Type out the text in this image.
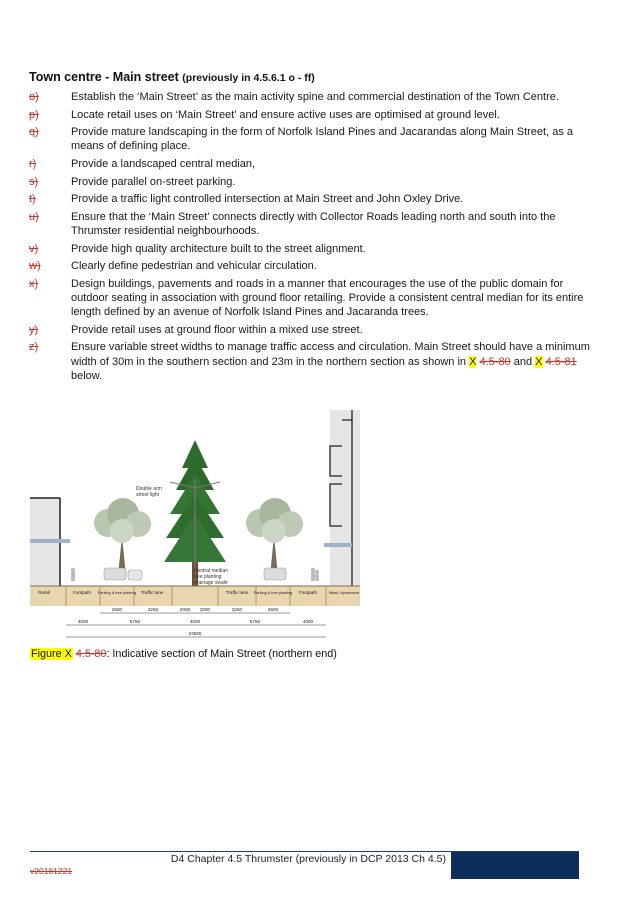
Town centre - Main street (previously in 4.5.6.1 o - ff)
o)	Establish the ‘Main Street’ as the main activity spine and commercial destination of the Town Centre.
p)	Locate retail uses on ‘Main Street’ and ensure active uses are optimised at ground level.
q)	Provide mature landscaping in the form of Norfolk Island Pines and Jacarandas along Main Street, as a means of defining place.
r)	Provide a landscaped central median,
s)	Provide parallel on-street parking.
t)	Provide a traffic light controlled intersection at Main Street and John Oxley Drive.
u)	Ensure that the ‘Main Street’ connects directly with Collector Roads leading north and south into the Thrumster residential neighbourhoods.
v)	Provide high quality architecture built to the street alignment.
w)	Clearly define pedestrian and vehicular circulation.
x)	Design buildings, pavements and roads in a manner that encourages the use of the public domain for outdoor seating in association with ground floor retailing. Provide a consistent central median for its entire length defined by an avenue of Norfolk Island Pines and Jacaranda trees.
y)	Provide retail uses at ground floor within a mixed use street.
z)	Ensure variable street widths to manage traffic access and circulation. Main Street should have a minimum width of 30m in the southern section and 23m in the northern section as shown in X 4.5-80 and X 4.5-81 below.
Double arm
street light
Central median
tree planting
drainage swale
Retail	Footpath Parking & tree planting Traffic lane	Traffic lane Parking & tree planting Footpath	Retail / Apartments
2600	3250	2000 2000	3250	2600
4000	5750	4000	5750	4000
23500
Figure X 4.5-80: Indicative section of Main Street (northern end)
D4 Chapter 4.5 Thrumster (previously in DCP 2013 Ch 4.5)
v20181221
